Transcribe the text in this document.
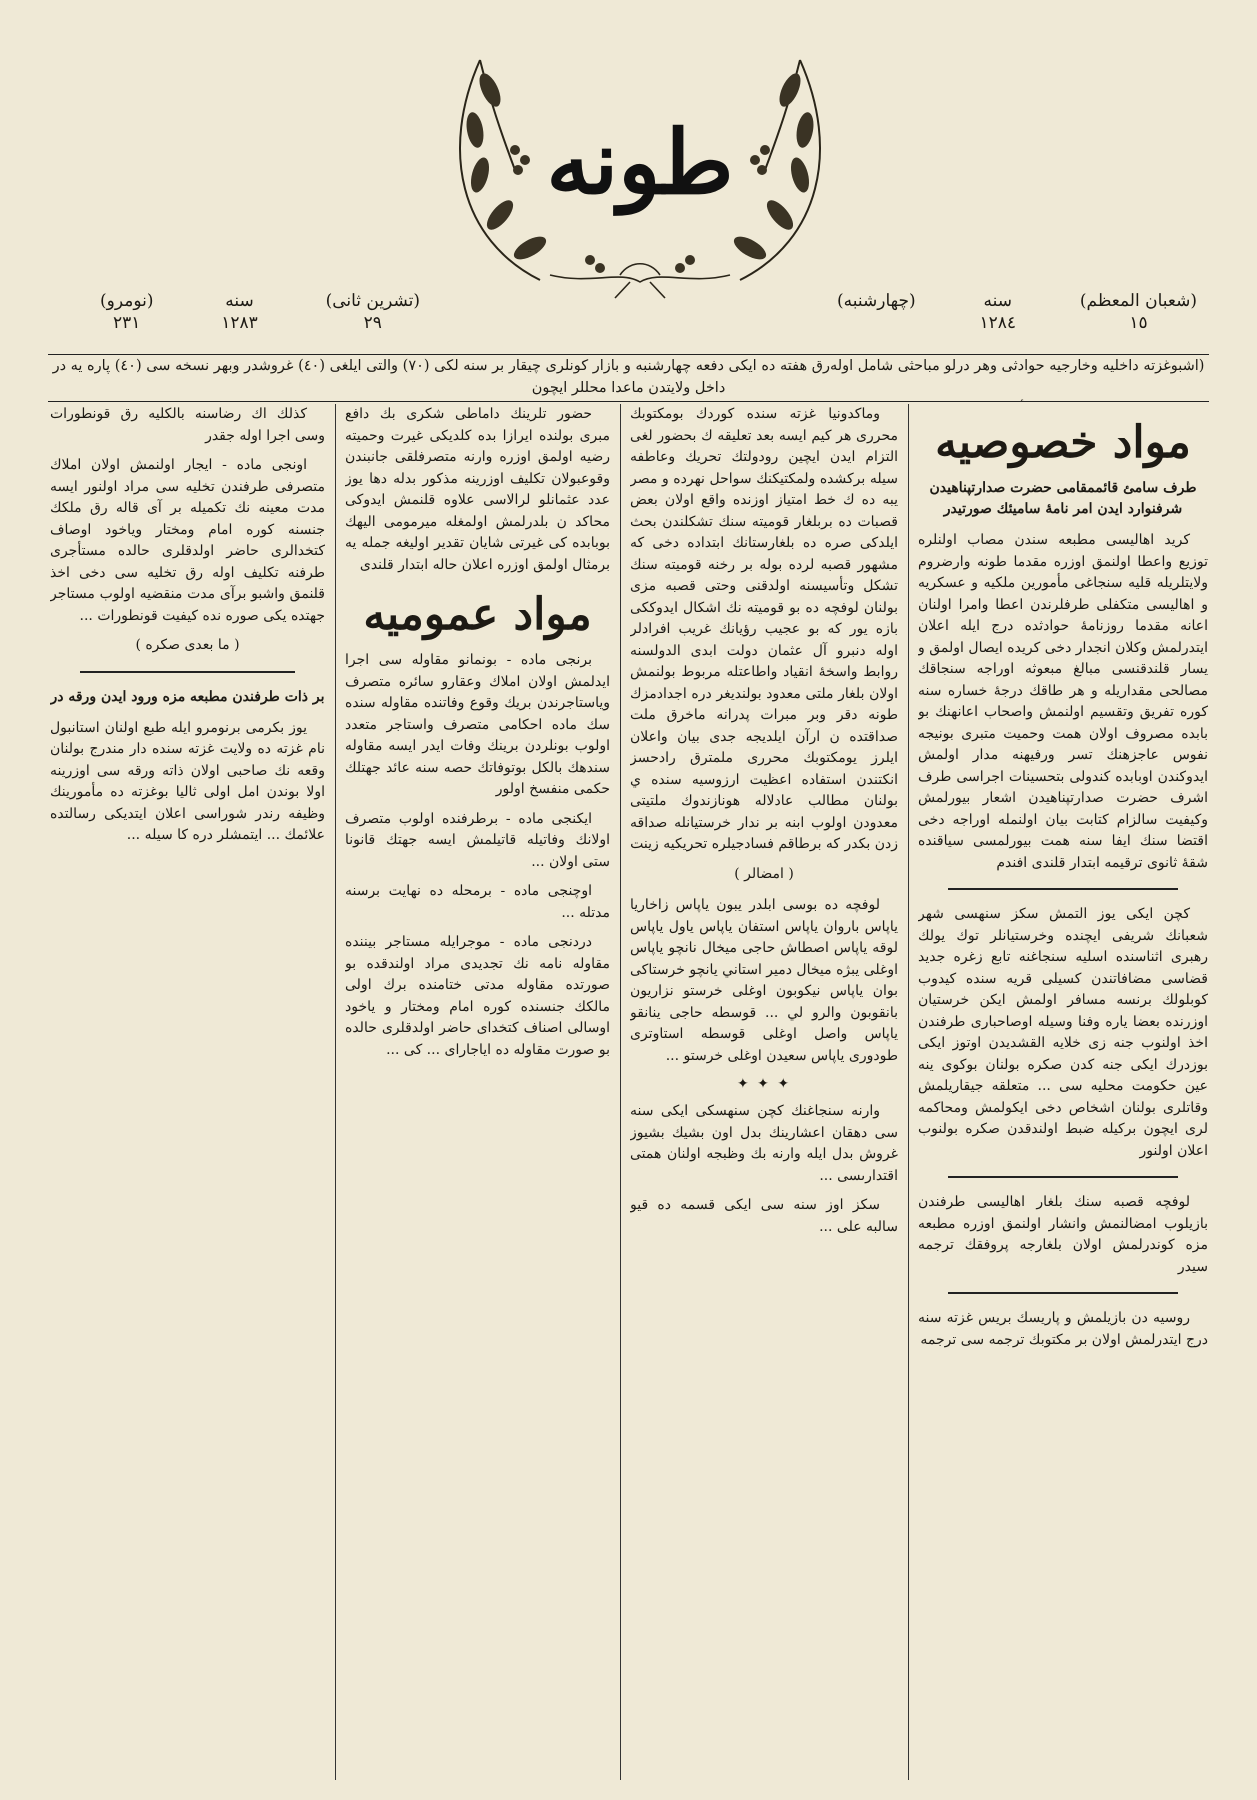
طونه
(شعبان المعظم)
١٥
سنه
١٢٨٤
(چهارشنبه)
(تشرين ثانى)
٢٩
سنه
١٢٨٣
(نومرو)
٢٣١
(اشبوغزته داخليه وخارجيه حوادثى وهر درلو مباحثى شامل اولەرق هفته دە ايكى دفعه چهارشنبه و بازار كونلرى چيقار بر سنه لكى (٧٠) والتى ايلغى (٤٠) غروشدر وبهر نسخه سى (٤٠) پاره يه در داخل ولايتدن ماعدا محللر ايچون
مواد خصوصيه
طرف سامئ قائممقامى حضرت صدارتپناهيدن شرفنوارد ايدن امر نامهٔ ساميئك صورتيدر

كريد اهاليسى مطبعه سندن مصاب اولنلره توزيع واعطا اولنمق اوزره مقدما طونه وارضروم ولايتلريله قليه سنجاغى مأمورين ملكيه و عسكريه و اهاليسى متكفلى طرفلرندن اعطا وامرا اولنان اعانه مقدما روزنامهٔ حوادثده درج ايله اعلان ايتدرلمش وكلان انجدار دخى كريده ايصال اولمق و يسار قلندقنسى مبالغ مبعوثه اوراجه سنجاقك مصالحى مقداريله و هر طاقك درجهٔ خساره سنه كوره تفريق وتقسيم اولنمش واصحاب اعانهنك بو بابده مصروف اولان همت وحميت متبرى بونيجه نفوس عاجزهنك تسر ورفيهنه مدار اولمش ايدوكندن اوبابده كندولى بتحسينات اجراسى طرف اشرف حضرت صدارتپناهيدن اشعار بيورلمش وكيفيت سالزام كتابت بيان اولنمله اوراجه دخى اقتضا سنك ايفا سنه همت بيورلمسى سياقنده شقهٔ ثانوى ترقيمه ابتدار قلندى افندم

كچن ايكى يوز التمش سكز سنهسى شهر شعبانك شريفى ايچنده وخرستيانلر توك يولك رهبرى اثناسنده اسليه سنجاغنه تابع زغره جديد قضاسى مضافاتندن كسيلى قريه سنده كيدوب كوبلولك برنسه مسافر اولمش ايكن خرستيان اوزرنده بعضا ياره وفنا وسيله اوصاحبارى طرفندن اخذ اولنوب جنه زى خلايه القشديدن اوتوز ايكى بوزدرك ايكى جنه كدن صكره بولنان بوكوى ينه عين حكومت محليه سى ... متعلقه جيقاريلمش وقاتلرى بولنان اشخاص دخى ايكولمش ومحاكمه لرى ايچون بركيله ضبط اولندقدن صكره بولنوب اعلان اولنور

لوفچه قصبه سنك بلغار اهاليسى طرفندن بازيلوب امضالنمش وانشار اولنمق اوزره مطبعه مزه كوندرلمش اولان بلغارجه پروفقك ترجمه سيدر

روسيه دن بازيلمش و پاريسك بريس غزته سنه درج ايتدرلمش اولان بر مكتوبك ترجمه سى ترجمه

وماكدونيا غزته سنده كوردك بومكتوبك محررى هر كيم ايسه بعد تعليقه ك بحضور لغى التزام ايدن ايچين رودولتك تحريك وعاطفه سيله بركشده ولمكتيكنك سواحل نهرده و مصر يبه ده ك خط امتياز اوزنده واقع اولان بعض قصبات ده بربلغار قوميته سنك تشكلندن بحث ايلدكى صره ده بلغارستانك ابتداده دخى كه مشهور قصبه لرده بوله بر رخنه قوميته سنك تشكل وتأسيسنه اولدقنى وحتى قصبه مزى بولنان لوفچه ده بو قوميته نك اشكال ايدوككى بازه يور كه بو عجيب رؤيانك غريب افرادلر اوله دنبرو آل عثمان دولت ابدى الدولسنه روابط واسخهٔ انقياد واطاعتله مربوط بولنمش اولان بلغار ملتى معدود بولنديغر دره اجدادمزك طونه دقر وبر مبرات پدرانه ماخرق ملت صداقتده ن ارآن ايلديجه جدى بيان واعلان ايلرز يومكتوبك محررى ملمترق رادحسز انكتندن استفاده اعظيت ارزوسيه سنده ي بولنان مطالب عادلاله هونازندوك ملتيتى معدودن اولوب ابنه بر ندار خرستيانله صداقه زدن بكدر كه برطاقم فسادجيلره تحريكيه زينت

( امضالر )

لوفچه ده بوسى ابلدر يبون ياپاس زاخاريا ياپاس باروان ياپاس استفان ياپاس ياول ياپاس لوقه ياپاس اصطاش حاجى ميخال نانچو ياپاس اوغلى يبژه ميخال دمير استاني يانچو خرستاكى بوان ياپاس نيكوبون اوغلى خرستو نزاريون بانقوبون والرو لي ... قوسطه حاجى ينانقو ياپاس واصل اوغلى قوسطه استاوترى طودورى ياپاس سعيدن اوغلى خرستو ...

✦ ✦ ✦

وارنه سنجاغنك كچن سنهسكى ايكى سنه سى دهقان اعشارينك بدل اون بشيك بشيوز غروش بدل ايله وارنه بك وظبجه اولنان همتى اقتدارىسى ...

سكز اوز سنه سى ايكى قسمه ده قيو سالبه على ...

حضور تلرينك داماطى شكرى بك دافع مبرى بولنده ايرازا بده كلديكى غيرت وحميته رضيه اولمق اوزره وارنه متصرفلقى جانبندن وقوعبولان تكليف اوزرينه مذكور بدله دها يوز عدد عثمانلو لرالاسى علاوه قلنمش ايدوكى محاكد ن بلدرلمش اولمغله ميرمومى اليهك بوبابده كى غيرتى شايان تقدير اوليغه جمله يه برمثال اولمق اوزره اعلان حاله ابتدار قلندى

مواد عموميه

برنجى ماده - بونمانو مقاوله سى اجرا ايدلمش اولان املاك وعقارو سائره متصرف وياستاجرندن بريك وقوع وفاتنده مقاوله سنده سك ماده احكامى متصرف واستاجر متعدد اولوب بونلردن برينك وفات ايدر ايسه مقاوله سندهك بالكل بوتوفاتك حصه سنه عائد جهتلك حكمى منفسخ اولور

ايكنجى ماده - برطرفنده اولوب متصرف اولانك وفاتيله قاتيلمش ايسه جهتك قانونا ستى اولان ...

اوچنجى ماده - برمحله ده نهايت برسنه مدتله ...

دردنجى ماده - موجرايله مستاجر بيننده مقاوله نامه نك تجديدى مراد اولندقده بو صورتده مقاوله مدتى ختامنده برك اولى مالكك جنسنده كوره امام ومختار و ياخود اوسالى اصناف كتخداى حاضر اولدقلرى حالده بو صورت مقاوله ده اياجاراى ... كى ...

كذلك اك رضاسنه بالكليه رق قونطورات وسى اجرا اوله جقدر

اونجى ماده - ايجار اولنمش اولان املاك متصرفى طرفندن تخليه سى مراد اولنور ايسه مدت معينه نك تكميله بر آى قاله رق ملكك جنسنه كوره امام ومختار وياخود اوصاف كتخدالرى حاضر اولدقلرى حالده مستأجرى طرفنه تكليف اوله رق تخليه سى دخى اخذ قلنمق واشبو برآى مدت منقضيه اولوب مستاجر جهتده يكى صوره نده كيفيت قونطورات ...

( ما بعدى صكره )
بر ذات طرفندن مطبعه مزه ورود ايدن ورقه در

يوز بكرمى برنومرو ايله طبع اولنان استانبول نام غزته ده ولايت غزته سنده دار مندرج بولنان وقعه نك صاحبى اولان ذاته ورقه سى اوزرينه اولا بوندن امل اولى ثاليا بوغزته ده مأمورينك وظيفه رندر شوراسى اعلان ايتديكى رسالتده علائمك ... ايتمشلر دره كا سيله ...
